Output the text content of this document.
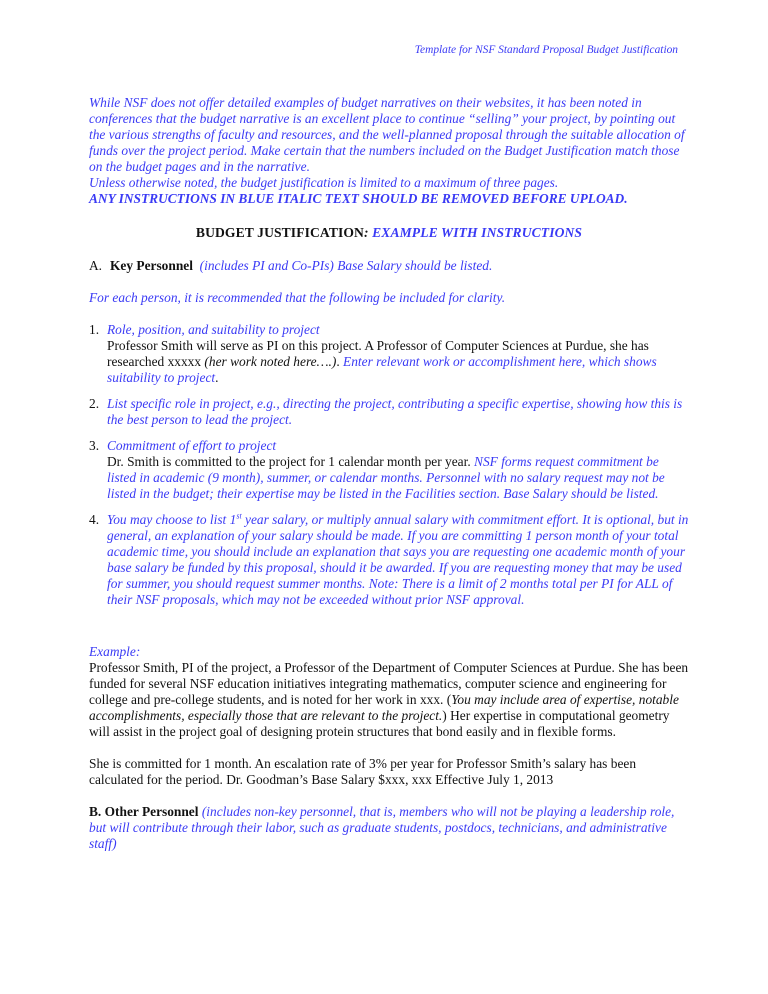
Template for NSF Standard Proposal Budget Justification

While NSF does not offer detailed examples of budget narratives on their websites, it has been noted in conferences that the budget narrative is an excellent place to continue “selling” your project, by pointing out the various strengths of faculty and resources, and the well-planned proposal through the suitable allocation of funds over the project period. Make certain that the numbers included on the Budget Justification match those on the budget pages and in the narrative.

Unless otherwise noted, the budget justification is limited to a maximum of three pages.

ANY INSTRUCTIONS IN BLUE ITALIC TEXT SHOULD BE REMOVED BEFORE UPLOAD.

BUDGET JUSTIFICATION: EXAMPLE WITH INSTRUCTIONS
A. Key Personnel (includes PI and Co-PIs) Base Salary should be listed.

For each person, it is recommended that the following be included for clarity.

1. Role, position, and suitability to project
Professor Smith will serve as PI on this project. A Professor of Computer Sciences at Purdue, she has researched xxxxx (her work noted here….). Enter relevant work or accomplishment here, which shows suitability to project.
2. List specific role in project, e.g., directing the project, contributing a specific expertise, showing how this is the best person to lead the project.
3. Commitment of effort to project
Dr. Smith is committed to the project for 1 calendar month per year. NSF forms request commitment be listed in academic (9 month), summer, or calendar months. Personnel with no salary request may not be listed in the budget; their expertise may be listed in the Facilities section. Base Salary should be listed.
4. You may choose to list 1st year salary, or multiply annual salary with commitment effort. It is optional, but in general, an explanation of your salary should be made. If you are committing 1 person month of your total academic time, you should include an explanation that says you are requesting one academic month of your base salary be funded by this proposal, should it be awarded. If you are requesting money that may be used for summer, you should request summer months. Note: There is a limit of 2 months total per PI for ALL of their NSF proposals, which may not be exceeded without prior NSF approval.

Example:

Professor Smith, PI of the project, a Professor of the Department of Computer Sciences at Purdue. She has been funded for several NSF education initiatives integrating mathematics, computer science and engineering for college and pre-college students, and is noted for her work in xxx. (You may include area of expertise, notable accomplishments, especially those that are relevant to the project.) Her expertise in computational geometry will assist in the project goal of designing protein structures that bond easily and in flexible forms.

She is committed for 1 month. An escalation rate of 3% per year for Professor Smith’s salary has been calculated for the period. Dr. Goodman’s Base Salary $xxx, xxx Effective July 1, 2013

B. Other Personnel (includes non-key personnel, that is, members who will not be playing a leadership role, but will contribute through their labor, such as graduate students, postdocs, technicians, and administrative staff)
